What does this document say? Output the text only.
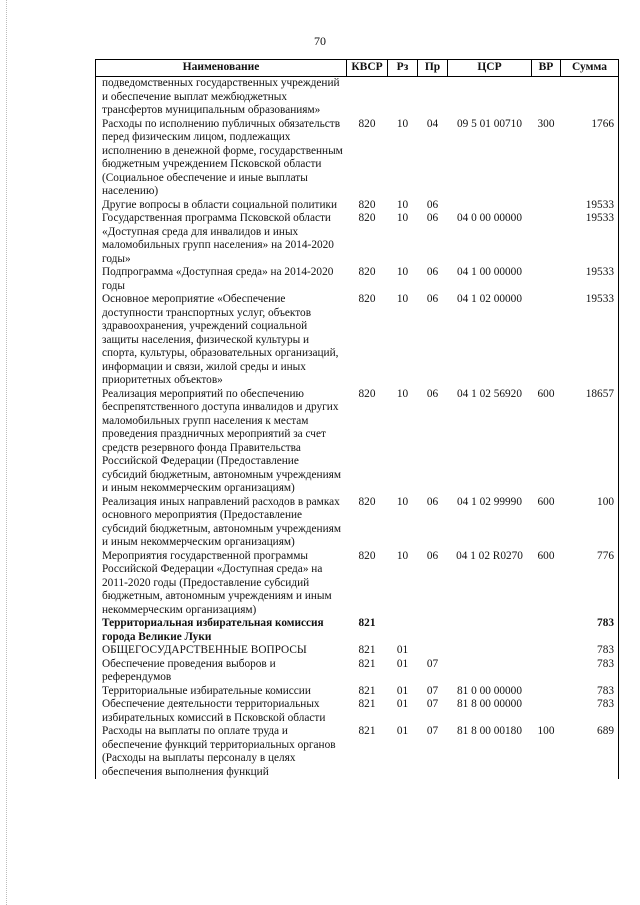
70
Наименование	КВСР	Рз	Пр	ЦСР	ВР	Сумма
подведомственных государственных учреждений и обеспечение выплат межбюджетных трансфертов муниципальным образованиям»						
Расходы по исполнению публичных обязательств перед физическим лицом, подлежащих исполнению в денежной форме, государственным бюджетным учреждением Псковской области (Социальное обеспечение и иные выплаты населению)	820	10	04	09 5 01 00710	300	1766
Другие вопросы в области социальной политики	820	10	06			19533
Государственная программа Псковской области «Доступная среда для инвалидов и иных маломобильных групп населения» на 2014-2020 годы»	820	10	06	04 0 00 00000		19533
Подпрограмма «Доступная среда» на 2014-2020 годы	820	10	06	04 1 00 00000		19533
Основное мероприятие «Обеспечение доступности транспортных услуг, объектов здравоохранения, учреждений социальной защиты населения, физической культуры и спорта, культуры, образовательных организаций, информации и связи, жилой среды и иных приоритетных объектов»	820	10	06	04 1 02 00000		19533
Реализация мероприятий по обеспечению беспрепятственного доступа инвалидов и других маломобильных групп населения к местам проведения праздничных мероприятий за счет средств резервного фонда Правительства Российской Федерации (Предоставление субсидий бюджетным, автономным учреждениям и иным некоммерческим организациям)	820	10	06	04 1 02 56920	600	18657
Реализация иных направлений расходов в рамках основного мероприятия (Предоставление субсидий бюджетным, автономным учреждениям и иным некоммерческим организациям)	820	10	06	04 1 02 99990	600	100
Мероприятия государственной программы Российской Федерации «Доступная среда» на 2011-2020 годы (Предоставление субсидий бюджетным, автономным учреждениям и иным некоммерческим организациям)	820	10	06	04 1 02 R0270	600	776
Территориальная избирательная комиссия города Великие Луки	821					783
ОБЩЕГОСУДАРСТВЕННЫЕ ВОПРОСЫ	821	01				783
Обеспечение проведения выборов и референдумов	821	01	07			783
Территориальные избирательные комиссии	821	01	07	81 0 00 00000		783
Обеспечение деятельности территориальных избирательных комиссий в Псковской области	821	01	07	81 8 00 00000		783
Расходы на выплаты по оплате труда и обеспечение функций территориальных органов (Расходы на выплаты персоналу в целях обеспечения выполнения функций	821	01	07	81 8 00 00180	100	689
